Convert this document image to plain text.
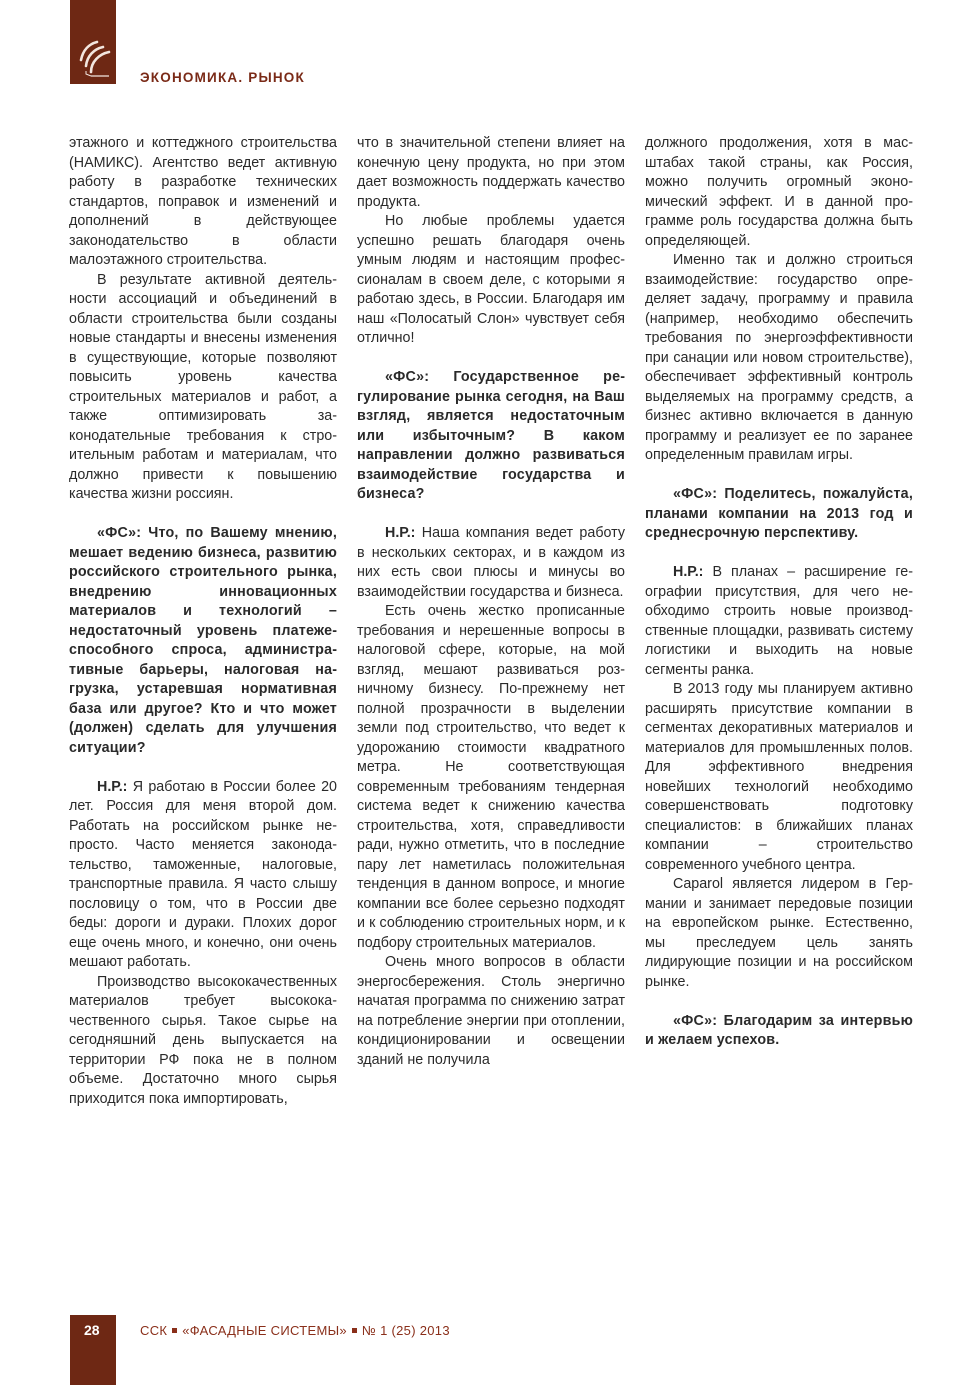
ЭКОНОМИКА. РЫНОК

этажного и коттеджного строительства (НАМИКС). Агентство ведет активную работу в разработке технических стандартов, поправок и изменений и дополнений в действующее законодательство в области малоэтажного строительства.

В результате активной деятельности ассоциаций и объединений в области строительства были созданы новые стандарты и внесены изменения в существующие, которые позволяют повысить уровень качества строительных материалов и работ, а также оптимизировать законодательные требования к строительным работам и материалам, что должно привести к повышению качества жизни россиян.

«ФС»: Что, по Вашему мнению, мешает ведению бизнеса, развитию российского строительного рынка, внедрению инновационных материалов и технологий – недостаточный уровень платежеспособного спроса, административные барьеры, налоговая нагрузка, устаревшая нормативная база или другое? Кто и что может (должен) сделать для улучшения ситуации?

Н.Р.: Я работаю в России более 20 лет. Россия для меня второй дом. Работать на российском рынке непросто. Часто меняется законодательство, таможенные, налоговые, транспортные правила. Я часто слышу пословицу о том, что в России две беды: дороги и дураки. Плохих дорог еще очень много, и конечно, они очень мешают работать.

Производство высококачественных материалов требует высококачественного сырья. Такое сырье на сегодняшний день выпускается на территории РФ пока не в полном объеме. Достаточно много сырья приходится пока импортировать,

что в значительной степени влияет на конечную цену продукта, но при этом дает возможность поддержать качество продукта.

Но любые проблемы удается успешно решать благодаря очень умным людям и настоящим профессионалам в своем деле, с которыми я работаю здесь, в России. Благодаря им наш «Полосатый Слон» чувствует себя отлично!

«ФС»: Государственное регулирование рынка сегодня, на Ваш взгляд, является недостаточным или избыточным? В каком направлении должно развиваться взаимодействие государства и бизнеса?

Н.Р.: Наша компания ведет работу в нескольких секторах, и в каждом из них есть свои плюсы и минусы во взаимодействии государства и бизнеса.

Есть очень жестко прописанные требования и нерешенные вопросы в налоговой сфере, которые, на мой взгляд, мешают развиваться розничному бизнесу. По-прежнему нет полной прозрачности в выделении земли под строительство, что ведет к удорожанию стоимости квадратного метра. Не соответствующая современным требованиям тендерная система ведет к снижению качества строительства, хотя, справедливости ради, нужно отметить, что в последние пару лет наметилась положительная тенденция в данном вопросе, и многие компании все более серьезно подходят и к соблюдению строительных норм, и к подбору строительных материалов.

Очень много вопросов в области энергосбережения. Столь энергично начатая программа по снижению затрат на потребление энергии при отоплении, кондиционировании и освещении зданий не получила

должного продолжения, хотя в масштабах такой страны, как Россия, можно получить огромный экономический эффект. И в данной программе роль государства должна быть определяющей.

Именно так и должно строиться взаимодействие: государство определяет задачу, программу и правила (например, необходимо обеспечить требования по энергоэффективности при санации или новом строительстве), обеспечивает эффективный контроль выделяемых на программу средств, а бизнес активно включается в данную программу и реализует ее по заранее определенным правилам игры.

«ФС»: Поделитесь, пожалуйста, планами компании на 2013 год и среднесрочную перспективу.

Н.Р.: В планах – расширение географии присутствия, для чего необходимо строить новые производственные площадки, развивать систему логистики и выходить на новые сегменты ранка.

В 2013 году мы планируем активно расширять присутствие компании в сегментах декоративных материалов и материалов для промышленных полов. Для эффективного внедрения новейших технологий необходимо совершенствовать подготовку специалистов: в ближайших планах компании – строительство современного учебного центра.

Caparol является лидером в Германии и занимает передовые позиции на европейском рынке. Естественно, мы преследуем цель занять лидирующие позиции и на российском рынке.

«ФС»: Благодарим за интервью и желаем успехов.

28	ССК «ФАСАДНЫЕ СИСТЕМЫ» № 1 (25) 2013
